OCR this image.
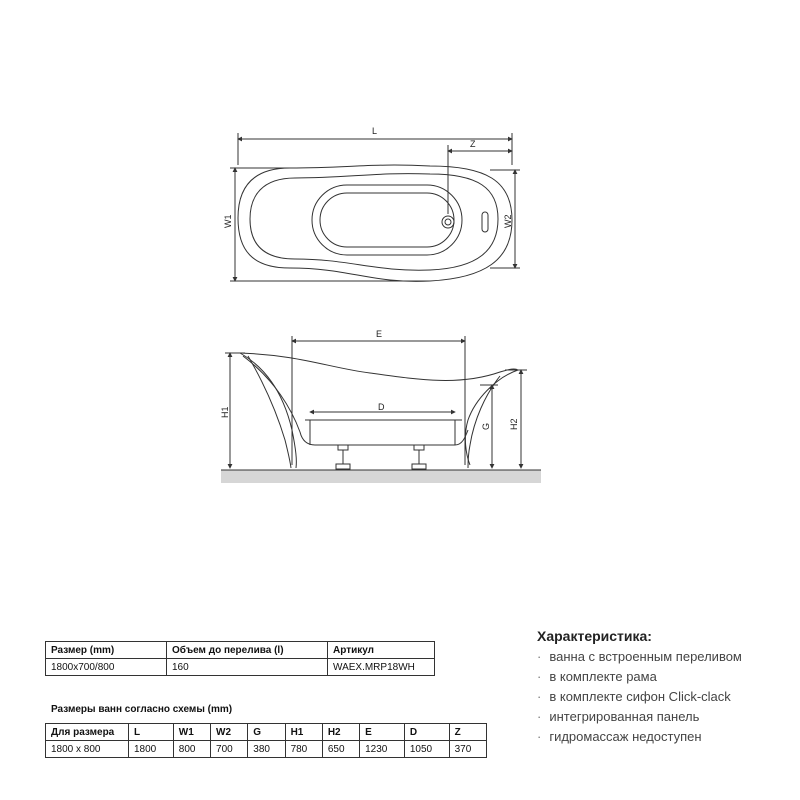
L
Z
W1	W2
E
D
H1
G H2
Размер (mm)	Объем до перелива (l)	Артикул
1800x700/800	160	WAEX.MRP18WH
Размеры ванн согласно схемы (mm)
Для размера	L	W1	W2	G	H1	H2	E	D	Z
1800 x 800	1800	800	700	380	780	650	1230	1050	370
Характеристика:
· ванна с встроенным переливом
· в комплекте рама
· в комплекте сифон Click-clack
· интегрированная панель
· гидромассаж недоступен
